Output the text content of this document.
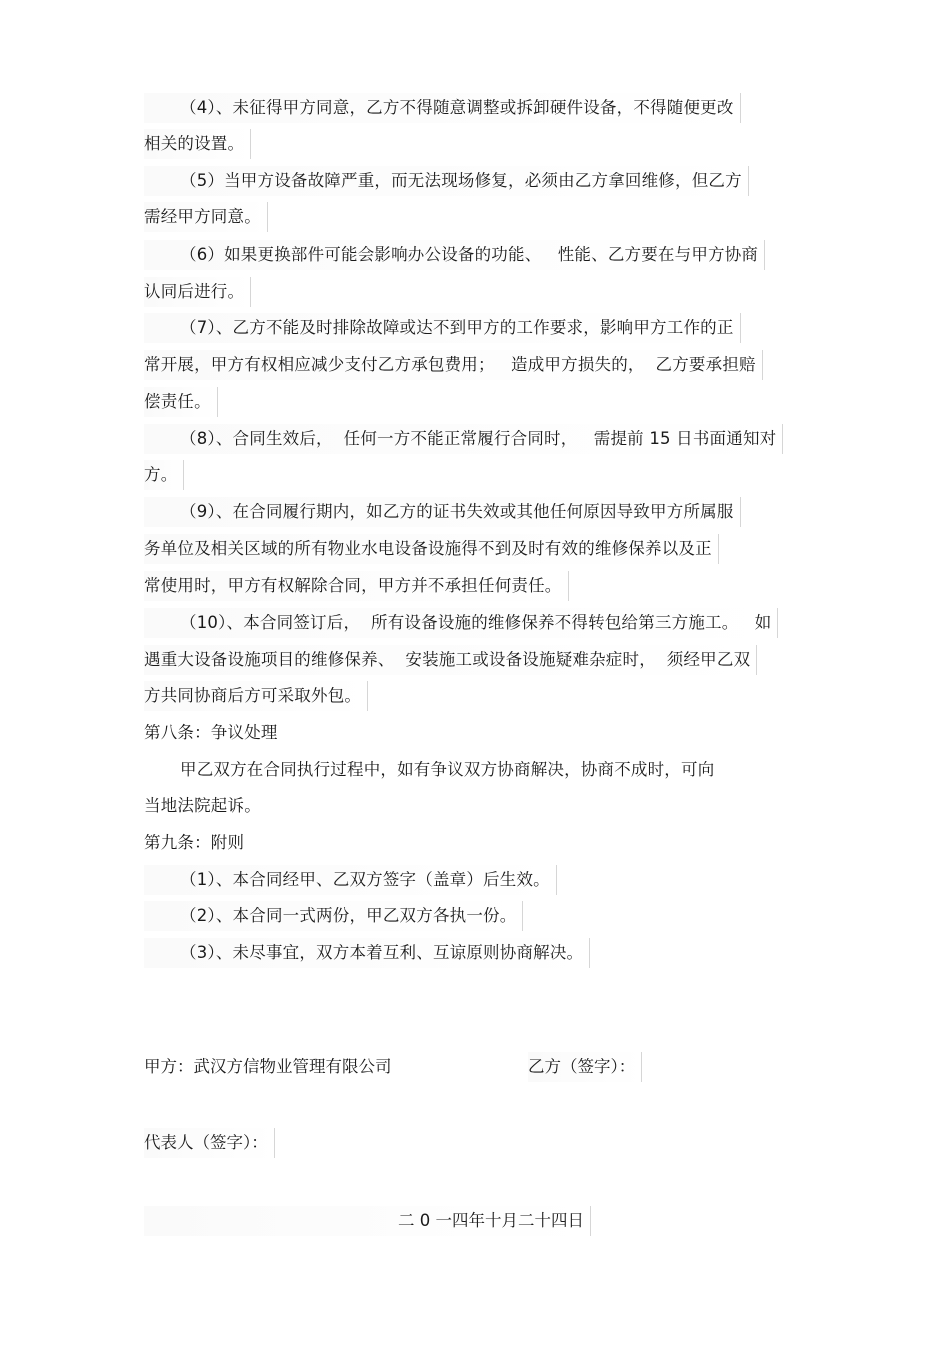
（4）、未征得甲方同意，乙方不得随意调整或拆卸硬件设备，不得随便更改
相关的设置。
（5）当甲方设备故障严重，而无法现场修复，必须由乙方拿回维修，但乙方
需经甲方同意。
（6）如果更换部件可能会影响办公设备的功能、   性能、乙方要在与甲方协商
认同后进行。
（7）、乙方不能及时排除故障或达不到甲方的工作要求，影响甲方工作的正
常开展，甲方有权相应减少支付乙方承包费用；   造成甲方损失的，  乙方要承担赔
偿责任。
（8）、合同生效后，  任何一方不能正常履行合同时，   需提前 15 日书面通知对
方。
（9）、在合同履行期内，如乙方的证书失效或其他任何原因导致甲方所属服
务单位及相关区域的所有物业水电设备设施得不到及时有效的维修保养以及正
常使用时，甲方有权解除合同，甲方并不承担任何责任。
（10）、本合同签订后，  所有设备设施的维修保养不得转包给第三方施工。   如
遇重大设备设施项目的维修保养、  安装施工或设备设施疑难杂症时，  须经甲乙双
方共同协商后方可采取外包。
第八条：争议处理
甲乙双方在合同执行过程中，如有争议双方协商解决，协商不成时，可向
当地法院起诉。
第九条：附则
（1）、本合同经甲、乙双方签字（盖章）后生效。
（2）、本合同一式两份，甲乙双方各执一份。
（3）、未尽事宜，双方本着互利、互谅原则协商解决。
甲方：武汉方信物业管理有限公司	乙方（签字）：
代表人（签字）：
二 0 一四年十月二十四日
